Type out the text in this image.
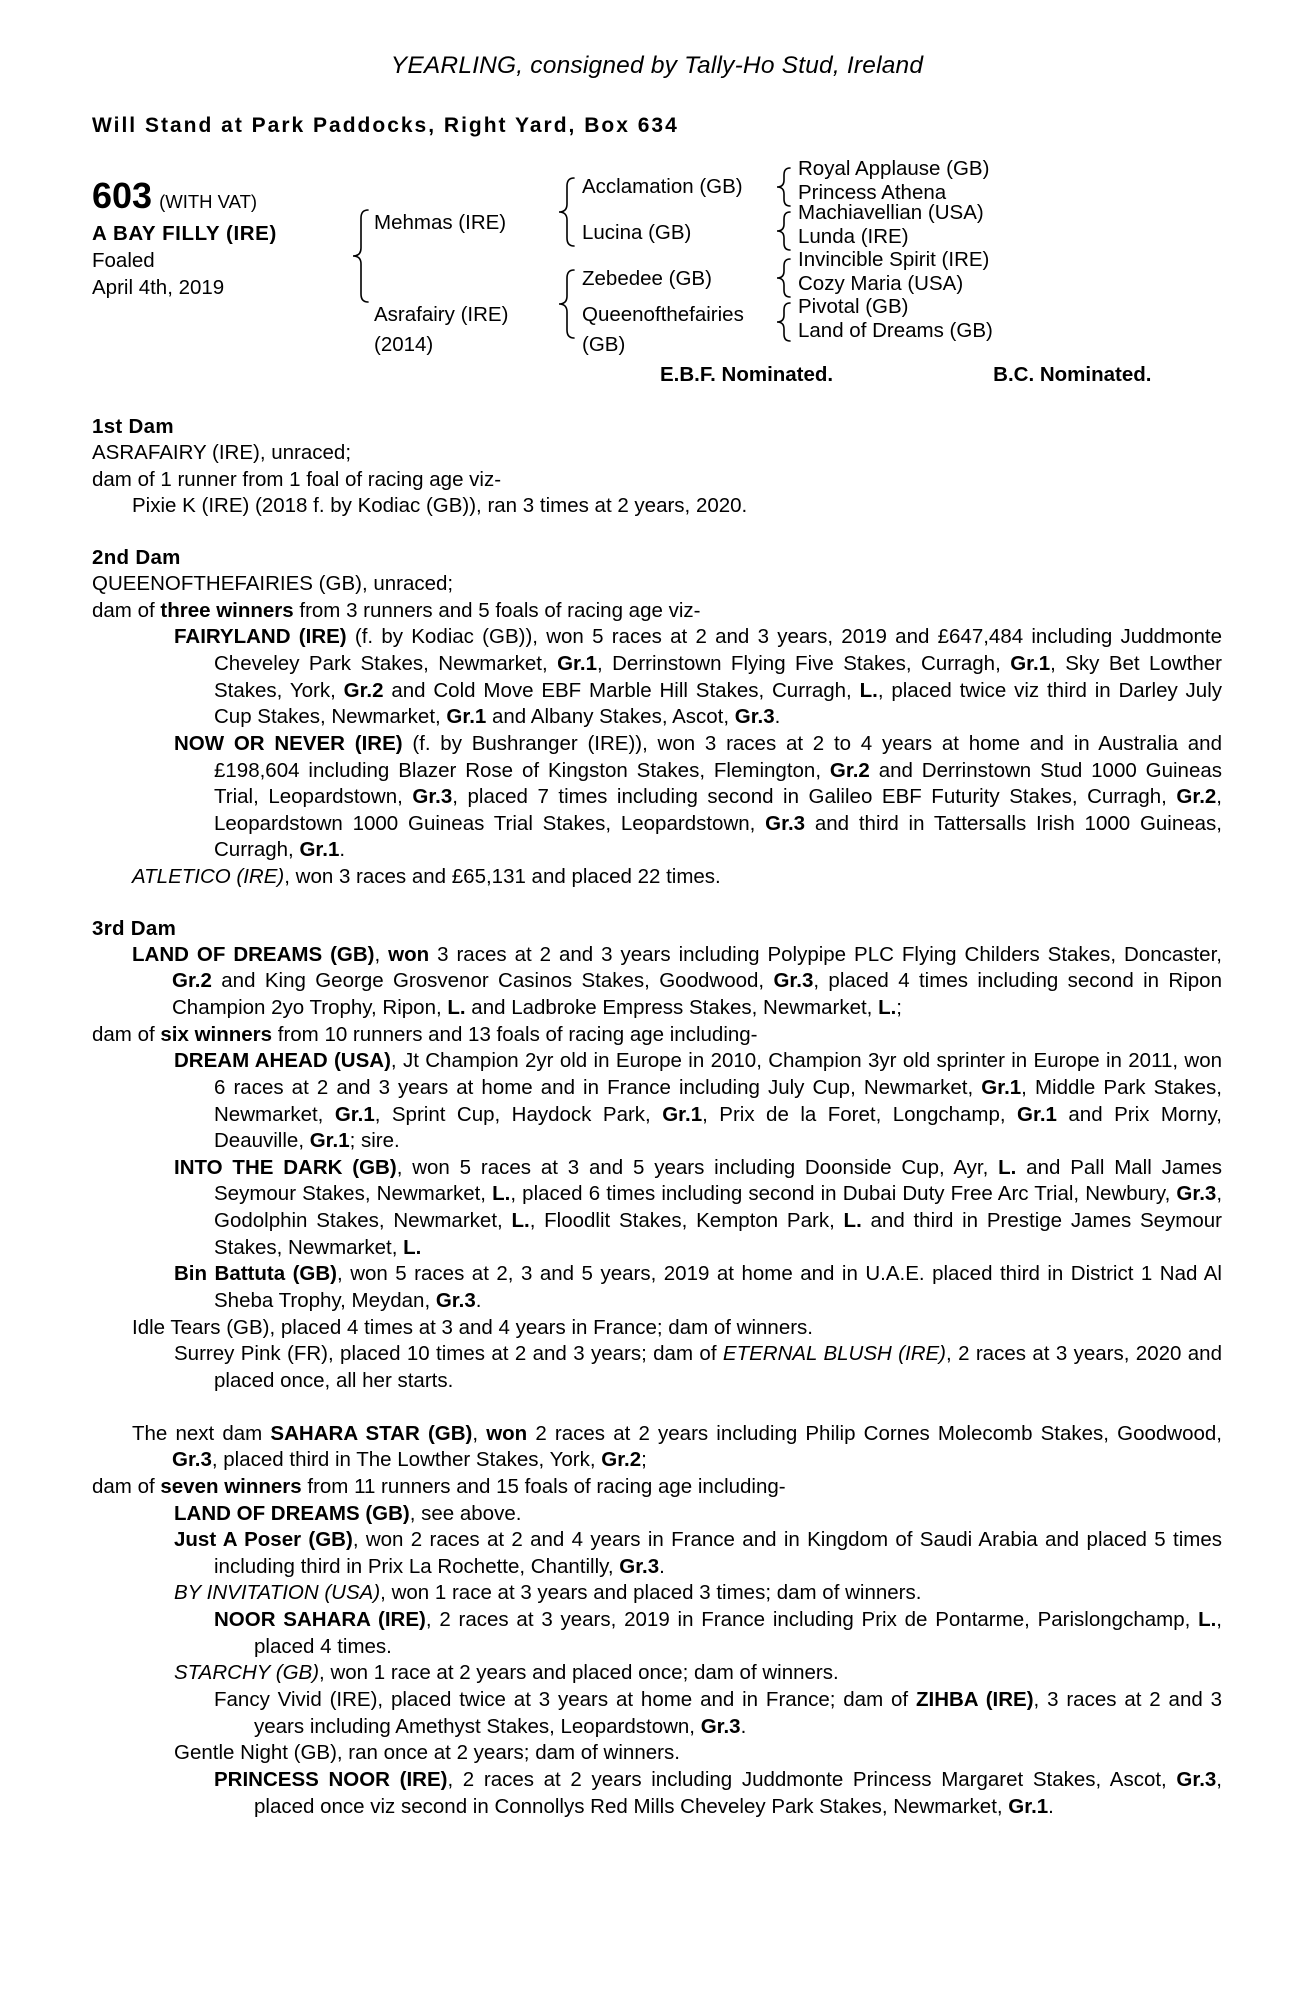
YEARLING, consigned by Tally-Ho Stud, Ireland
Will Stand at Park Paddocks, Right Yard, Box 634
603 (WITH VAT)
A BAY FILLY (IRE)
Foaled
April 4th, 2019
Mehmas (IRE)
Asrafairy (IRE)
(2014)
Acclamation (GB)
Lucina (GB)
Zebedee (GB)
Queenofthefairies
(GB)
Royal Applause (GB)
Princess Athena
Machiavellian (USA)
Lunda (IRE)
Invincible Spirit (IRE)
Cozy Maria (USA)
Pivotal (GB)
Land of Dreams (GB)
E.B.F. Nominated.	B.C. Nominated.
1st Dam

ASRAFAIRY (IRE), unraced;

dam of 1 runner from 1 foal of racing age viz-

Pixie K (IRE) (2018 f. by Kodiac (GB)), ran 3 times at 2 years, 2020.

2nd Dam

QUEENOFTHEFAIRIES (GB), unraced;

dam of three winners from 3 runners and 5 foals of racing age viz-

FAIRYLAND (IRE) (f. by Kodiac (GB)), won 5 races at 2 and 3 years, 2019 and £647,484 including Juddmonte Cheveley Park Stakes, Newmarket, Gr.1, Derrinstown Flying Five Stakes, Curragh, Gr.1, Sky Bet Lowther Stakes, York, Gr.2 and Cold Move EBF Marble Hill Stakes, Curragh, L., placed twice viz third in Darley July Cup Stakes, Newmarket, Gr.1 and Albany Stakes, Ascot, Gr.3.

NOW OR NEVER (IRE) (f. by Bushranger (IRE)), won 3 races at 2 to 4 years at home and in Australia and £198,604 including Blazer Rose of Kingston Stakes, Flemington, Gr.2 and Derrinstown Stud 1000 Guineas Trial, Leopardstown, Gr.3, placed 7 times including second in Galileo EBF Futurity Stakes, Curragh, Gr.2, Leopardstown 1000 Guineas Trial Stakes, Leopardstown, Gr.3 and third in Tattersalls Irish 1000 Guineas, Curragh, Gr.1.

ATLETICO (IRE), won 3 races and £65,131 and placed 22 times.

3rd Dam

LAND OF DREAMS (GB), won 3 races at 2 and 3 years including Polypipe PLC Flying Childers Stakes, Doncaster, Gr.2 and King George Grosvenor Casinos Stakes, Goodwood, Gr.3, placed 4 times including second in Ripon Champion 2yo Trophy, Ripon, L. and Ladbroke Empress Stakes, Newmarket, L.;

dam of six winners from 10 runners and 13 foals of racing age including-

DREAM AHEAD (USA), Jt Champion 2yr old in Europe in 2010, Champion 3yr old sprinter in Europe in 2011, won 6 races at 2 and 3 years at home and in France including July Cup, Newmarket, Gr.1, Middle Park Stakes, Newmarket, Gr.1, Sprint Cup, Haydock Park, Gr.1, Prix de la Foret, Longchamp, Gr.1 and Prix Morny, Deauville, Gr.1; sire.

INTO THE DARK (GB), won 5 races at 3 and 5 years including Doonside Cup, Ayr, L. and Pall Mall James Seymour Stakes, Newmarket, L., placed 6 times including second in Dubai Duty Free Arc Trial, Newbury, Gr.3, Godolphin Stakes, Newmarket, L., Floodlit Stakes, Kempton Park, L. and third in Prestige James Seymour Stakes, Newmarket, L.

Bin Battuta (GB), won 5 races at 2, 3 and 5 years, 2019 at home and in U.A.E. placed third in District 1 Nad Al Sheba Trophy, Meydan, Gr.3.

Idle Tears (GB), placed 4 times at 3 and 4 years in France; dam of winners.

Surrey Pink (FR), placed 10 times at 2 and 3 years; dam of ETERNAL BLUSH (IRE), 2 races at 3 years, 2020 and placed once, all her starts.

The next dam SAHARA STAR (GB), won 2 races at 2 years including Philip Cornes Molecomb Stakes, Goodwood, Gr.3, placed third in The Lowther Stakes, York, Gr.2;

dam of seven winners from 11 runners and 15 foals of racing age including-

LAND OF DREAMS (GB), see above.

Just A Poser (GB), won 2 races at 2 and 4 years in France and in Kingdom of Saudi Arabia and placed 5 times including third in Prix La Rochette, Chantilly, Gr.3.

BY INVITATION (USA), won 1 race at 3 years and placed 3 times; dam of winners.

NOOR SAHARA (IRE), 2 races at 3 years, 2019 in France including Prix de Pontarme, Parislongchamp, L., placed 4 times.

STARCHY (GB), won 1 race at 2 years and placed once; dam of winners.

Fancy Vivid (IRE), placed twice at 3 years at home and in France; dam of ZIHBA (IRE), 3 races at 2 and 3 years including Amethyst Stakes, Leopardstown, Gr.3.

Gentle Night (GB), ran once at 2 years; dam of winners.

PRINCESS NOOR (IRE), 2 races at 2 years including Juddmonte Princess Margaret Stakes, Ascot, Gr.3, placed once viz second in Connollys Red Mills Cheveley Park Stakes, Newmarket, Gr.1.
